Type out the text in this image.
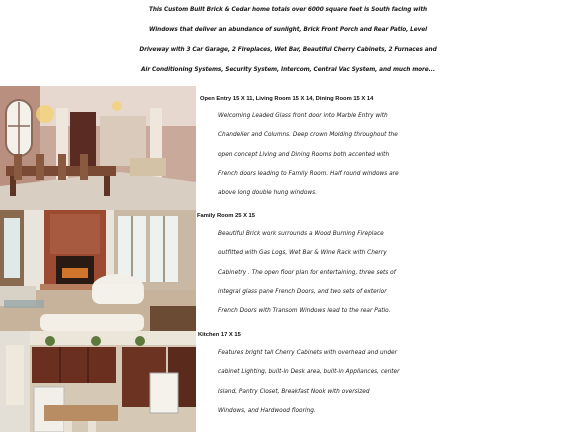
This Custom Built Brick & Cedar home totals over 6000 square feet is South facing with
Windows that deliver an abundance of sunlight, Brick Front Porch and Rear Patio, Level
Driveway with 3 Car Garage, 2 Fireplaces, Wet Bar, Beautiful Cherry Cabinets, 2 Furnaces and
Air Conditioning Systems, Security System, Intercom, Central Vac System, and much more...
Open Entry 15 X 11, Living Room 15 X 14, Dining Room 15 X 14
Welcoming Leaded Glass front door into Marble Entry with
Chandelier and Columns. Deep crown Molding throughout the
open concept Living and Dining Rooms both accented with
French doors leading to Family Room. Half round windows are
above long double hung windows.
Family Room 25 X 15
Beautiful Brick work surrounds a Wood Burning Fireplace
outfitted with Gas Logs, Wet Bar & Wine Rack with Cherry
Cabinetry . The open floor plan for entertaining, three sets of
integral glass pane French Doors, and two sets of exterior
French Doors with Transom Windows lead to the rear Patio.
Kitchen 17 X 15
Features bright tall Cherry Cabinets with overhead and under
cabinet Lighting, built-in Desk area, built-in Appliances, center
Island, Pantry Closet, Breakfast Nook with oversized
Windows, and Hardwood flooring.
